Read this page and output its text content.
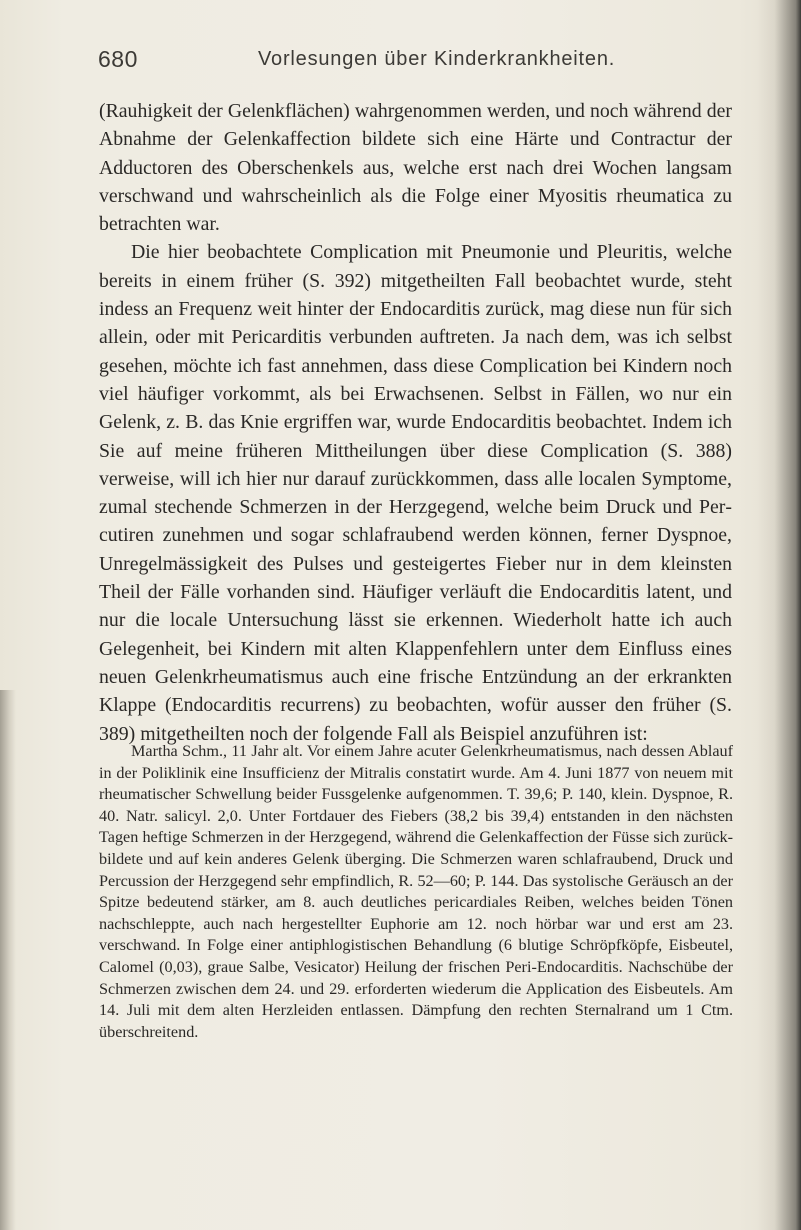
680	Vorlesungen über Kinderkrankheiten.

(Rauhigkeit der Gelenkflächen) wahrgenommen werden, und noch während der Abnahme der Gelenkaffection bildete sich eine Härte und Contractur der Adductoren des Oberschenkels aus, welche erst nach drei Wochen langsam verschwand und wahrscheinlich als die Folge einer Myositis rheumatica zu betrachten war.

Die hier beobachtete Complication mit Pneumonie und Pleuritis, welche bereits in einem früher (S. 392) mitgetheilten Fall beobachtet wurde, steht indess an Frequenz weit hinter der Endocarditis zurück, mag diese nun für sich allein, oder mit Pericarditis verbunden auftreten. Ja nach dem, was ich selbst gesehen, möchte ich fast annehmen, dass diese Complication bei Kindern noch viel häufiger vorkommt, als bei Erwachsenen. Selbst in Fällen, wo nur ein Gelenk, z. B. das Knie ergriffen war, wurde Endocarditis beobachtet. Indem ich Sie auf meine früheren Mittheilungen über diese Complication (S. 388) verweise, will ich hier nur darauf zurückkommen, dass alle localen Symptome, zumal stechende Schmerzen in der Herzgegend, welche beim Druck und Percutiren zunehmen und sogar schlafraubend werden können, ferner Dyspnoe, Unregelmässigkeit des Pulses und gesteigertes Fieber nur in dem kleinsten Theil der Fälle vorhanden sind. Häufiger verläuft die Endocarditis latent, und nur die locale Untersuchung lässt sie erkennen. Wiederholt hatte ich auch Gelegenheit, bei Kindern mit alten Klappenfehlern unter dem Einfluss eines neuen Gelenkrheumatismus auch eine frische Entzündung an der erkrankten Klappe (Endocarditis recurrens) zu beobachten, wofür ausser den früher (S. 389) mitgetheilten noch der folgende Fall als Beispiel anzuführen ist:

Martha Schm., 11 Jahr alt. Vor einem Jahre acuter Gelenkrheumatismus, nach dessen Ablauf in der Poliklinik eine Insufficienz der Mitralis constatirt wurde. Am 4. Juni 1877 von neuem mit rheumatischer Schwellung beider Fussgelenke aufgenommen. T. 39,6; P. 140, klein. Dyspnoe, R. 40. Natr. salicyl. 2,0. Unter Fortdauer des Fiebers (38,2 bis 39,4) entstanden in den nächsten Tagen heftige Schmerzen in der Herzgegend, während die Gelenkaffection der Füsse sich zurückbildete und auf kein anderes Gelenk überging. Die Schmerzen waren schlafraubend, Druck und Percussion der Herzgegend sehr empfindlich, R. 52—60; P. 144. Das systolische Geräusch an der Spitze bedeutend stärker, am 8. auch deutliches pericardiales Reiben, welches beiden Tönen nachschleppte, auch nach hergestellter Euphorie am 12. noch hörbar war und erst am 23. verschwand. In Folge einer antiphlogistischen Behandlung (6 blutige Schröpfköpfe, Eisbeutel, Calomel (0,03), graue Salbe, Vesicator) Heilung der frischen Peri-Endocarditis. Nachschübe der Schmerzen zwischen dem 24. und 29. erforderten wiederum die Application des Eisbeutels. Am 14. Juli mit dem alten Herzleiden entlassen. Dämpfung den rechten Sternalrand um 1 Ctm. überschreitend.
